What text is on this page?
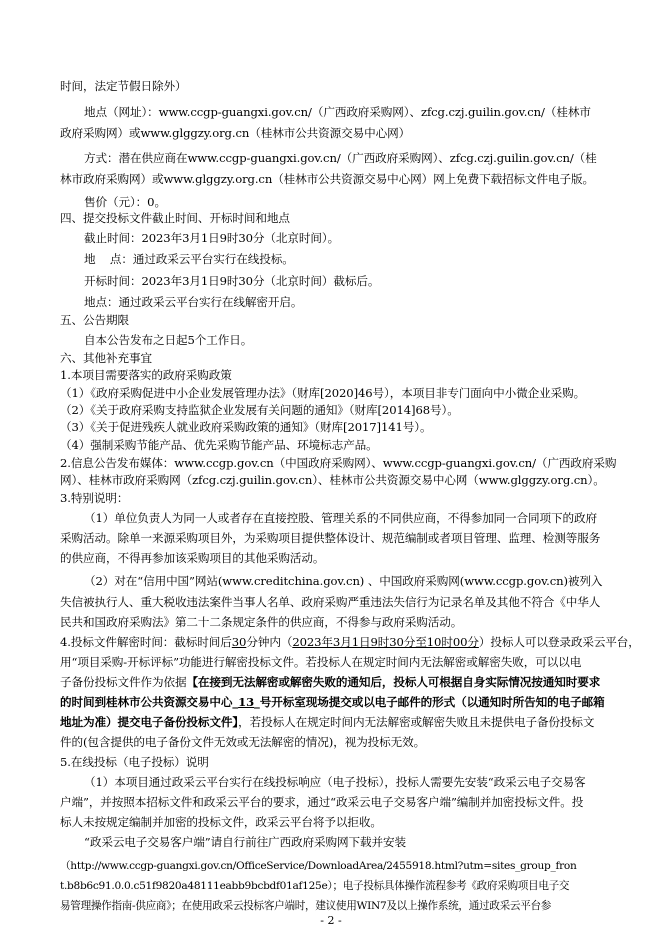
时间，法定节假日除外）
地点（网址）：www.ccgp-guangxi.gov.cn/（广西政府采购网）、zfcg.czj.guilin.gov.cn/（桂林市
政府采购网）或www.glggzy.org.cn（桂林市公共资源交易中心网）
方式：潜在供应商在www.ccgp-guangxi.gov.cn/（广西政府采购网）、zfcg.czj.guilin.gov.cn/（桂
林市政府采购网）或www.glggzy.org.cn（桂林市公共资源交易中心网）网上免费下载招标文件电子版。
售价（元）：0。
四、提交投标文件截止时间、开标时间和地点
截止时间：2023年3月1日9时30分（北京时间）。
地    点：通过政采云平台实行在线投标。
开标时间：2023年3月1日9时30分（北京时间）截标后。
地点：通过政采云平台实行在线解密开启。
五、公告期限
自本公告发布之日起5个工作日。
六、其他补充事宜
1.本项目需要落实的政府采购政策
（1）《政府采购促进中小企业发展管理办法》（财库[2020]46号），本项目非专门面向中小微企业采购。
（2）《关于政府采购支持监狱企业发展有关问题的通知》（财库[2014]68号）。
（3）《关于促进残疾人就业政府采购政策的通知》（财库[2017]141号）。
（4）强制采购节能产品、优先采购节能产品、环境标志产品。
2.信息公告发布媒体：www.ccgp.gov.cn（中国政府采购网）、www.ccgp-guangxi.gov.cn/（广西政府采购
网）、桂林市政府采购网（zfcg.czj.guilin.gov.cn）、桂林市公共资源交易中心网（www.glggzy.org.cn）。
3.特别说明：
（1）单位负责人为同一人或者存在直接控股、管理关系的不同供应商，不得参加同一合同项下的政府
采购活动。除单一来源采购项目外，为采购项目提供整体设计、规范编制或者项目管理、监理、检测等服务
的供应商，不得再参加该采购项目的其他采购活动。
（2）对在“信用中国”网站(www.creditchina.gov.cn) 、中国政府采购网(www.ccgp.gov.cn)被列入
失信被执行人、重大税收违法案件当事人名单、政府采购严重违法失信行为记录名单及其他不符合《中华人
民共和国政府采购法》第二十二条规定条件的供应商，不得参与政府采购活动。
4.投标文件解密时间：截标时间后30分钟内（2023年3月1日9时30分至10时00分）投标人可以登录政采云平台，
用“项目采购-开标评标”功能进行解密投标文件。若投标人在规定时间内无法解密或解密失败，可以以电
子备份投标文件作为依据【在接到无法解密或解密失败的通知后，投标人可根据自身实际情况按通知时要求
的时间到桂林市公共资源交易中心_13_号开标室现场提交或以电子邮件的形式（以通知时所告知的电子邮箱
地址为准）提交电子备份投标文件】，若投标人在规定时间内无法解密或解密失败且未提供电子备份投标文
件的(包含提供的电子备份文件无效或无法解密的情况)，视为投标无效。
5.在线投标（电子投标）说明
（1）本项目通过政采云平台实行在线投标响应（电子投标），投标人需要先安装“政采云电子交易客
户端”，并按照本招标文件和政采云平台的要求，通过“政采云电子交易客户端”编制并加密投标文件。投
标人未按规定编制并加密的投标文件，政采云平台将予以拒收。
“政采云电子交易客户端”请自行前往广西政府采购网下载并安装
（http://www.ccgp-guangxi.gov.cn/OfficeService/DownloadArea/2455918.html?utm=sites_group_fron
t.b8b6c91.0.0.c51f9820a48111eabb9bcbdf01af125e）；电子投标具体操作流程参考《政府采购项目电子交
易管理操作指南-供应商》；在使用政采云投标客户端时，建议使用WIN7及以上操作系统，通过政采云平台参
- 2 -
